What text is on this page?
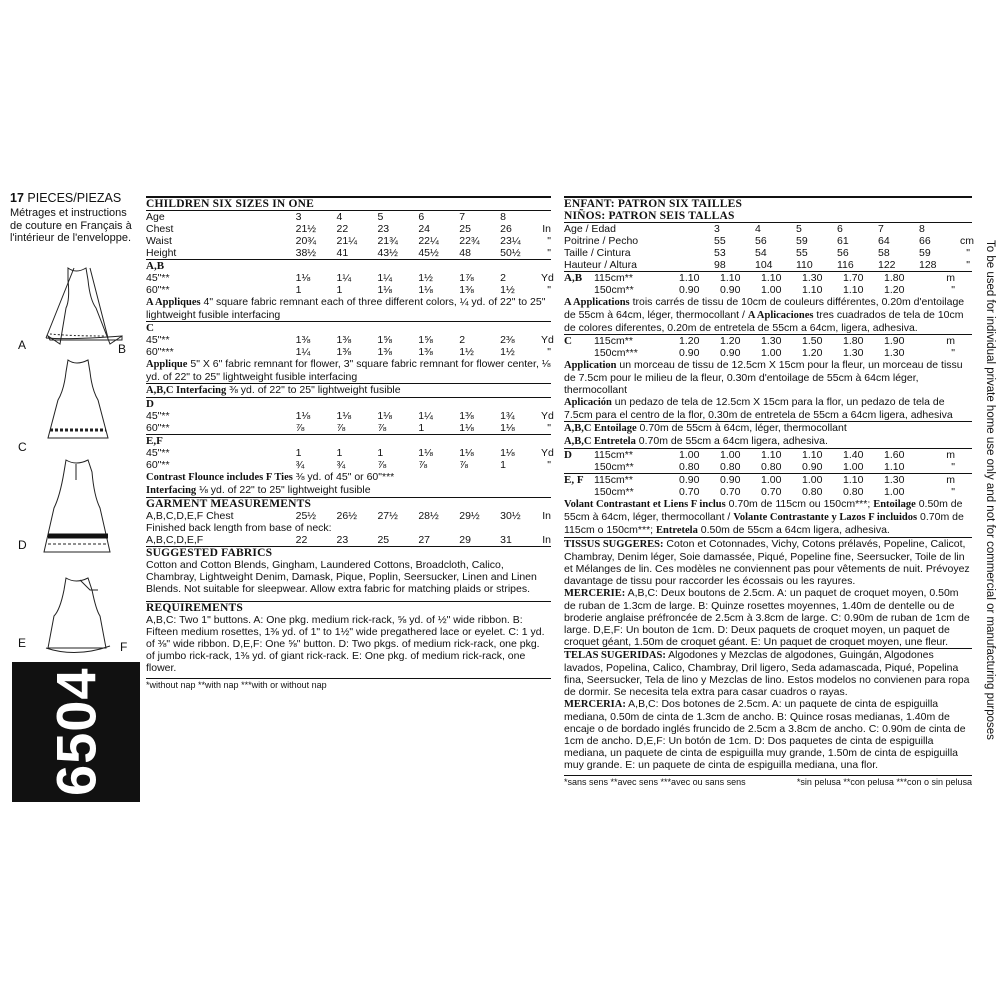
17 PIECES/PIEZAS
Métrages et instructions de couture en Français à l'intérieur de l'enveloppe.
A	B
C
D
E	F
6504
CHILDREN SIX SIZES IN ONE
Age	3	4	5	6	7	8
Chest	21½	22	23	24	25	26	In
Waist	20¾	21¼	21¾	22¼	22¾	23¼	"
Height	38½	41	43½	45½	48	50½	"
A,B
45"**	1⅛	1¼	1¼	1½	1⅞	2	Yd
60"**	1	1	1⅛	1⅛	1⅜	1½	"

A Appliques 4" square fabric remnant each of three different colors, ¼ yd. of 22" to 25" lightweight fusible interfacing

C
45"**	1⅜	1⅜	1⅝	1⅝	2	2⅜	Yd
60"***	1¼	1⅜	1⅜	1⅜	1½	1½	"

Applique 5" X 6" fabric remnant for flower, 3" square fabric remnant for flower center, ⅛ yd. of 22" to 25" lightweight fusible interfacing

A,B,C Interfacing ⅜ yd. of 22" to 25" lightweight fusible

D
45"**	1⅛	1⅛	1⅛	1¼	1⅜	1¾	Yd
60"**	⅞	⅞	⅞	1	1⅛	1⅛	"
E,F
45"**	1	1	1	1⅛	1⅛	1⅛	Yd
60"**	¾	¾	⅞	⅞	⅞	1	"

Contrast Flounce includes F Ties ⅜ yd. of 45" or 60"***

Interfacing ⅛ yd. of 22" to 25" lightweight fusible

GARMENT MEASUREMENTS
A,B,C,D,E,F Chest	25½	26½	27½	28½	29½	30½	In
Finished back length from base of neck:
A,B,C,D,E,F	22	23	25	27	29	31	In
SUGGESTED FABRICS

Cotton and Cotton Blends, Gingham, Laundered Cottons, Broadcloth, Calico, Chambray, Lightweight Denim, Damask, Pique, Poplin, Seersucker, Linen and Linen Blends. Not suitable for sleepwear. Allow extra fabric for matching plaids or stripes.

REQUIREMENTS

A,B,C: Two 1" buttons. A: One pkg. medium rick-rack, ⅝ yd. of ½" wide ribbon. B: Fifteen medium rosettes, 1⅜ yd. of 1" to 1½" wide pregathered lace or eyelet. C: 1 yd. of ⅜" wide ribbon. D,E,F: One ⅝" button. D: Two pkgs. of medium rick-rack, one pkg. of jumbo rick-rack, 1⅜ yd. of giant rick-rack. E: One pkg. of medium rick-rack, one flower.

*without nap **with nap ***with or without nap
ENFANT: PATRON SIX TAILLES
NIÑOS: PATRON SEIS TALLAS
Age / Edad	3	4	5	6	7	8
Poitrine / Pecho	55	56	59	61	64	66	cm
Taille / Cintura	53	54	55	56	58	59	"
Hauteur / Altura	98	104	110	116	122	128	"
A,B	115cm**	1.10	1.10	1.10	1.30	1.70	1.80	m
150cm**	0.90	0.90	1.00	1.10	1.10	1.20	"

A Applications trois carrés de tissu de 10cm de couleurs différentes, 0.20m d'entoilage de 55cm à 64cm, léger, thermocollant / A Aplicaciones tres cuadrados de tela de 10cm de colores diferentes, 0.20m de entretela de 55cm a 64cm, ligera, adhesiva.

C	115cm**	1.20	1.20	1.30	1.50	1.80	1.90	m
150cm***	0.90	0.90	1.00	1.20	1.30	1.30	"

Application un morceau de tissu de 12.5cm X 15cm pour la fleur, un morceau de tissu de 7.5cm pour le milieu de la fleur, 0.30m d'entoilage de 55cm à 64cm léger, thermocollant

Aplicación un pedazo de tela de 12.5cm X 15cm para la flor, un pedazo de tela de 7.5cm para el centro de la flor, 0.30m de entretela de 55cm a 64cm ligera, adhesiva

A,B,C Entoilage 0.70m de 55cm à 64cm, léger, thermocollant

A,B,C Entretela 0.70m de 55cm a 64cm ligera, adhesiva.

D	115cm**	1.00	1.00	1.10	1.10	1.40	1.60	m
150cm**	0.80	0.80	0.80	0.90	1.00	1.10	"
E, F 115cm**	0.90	0.90	1.00	1.00	1.10	1.30	m
150cm**	0.70	0.70	0.70	0.80	0.80	1.00	"

Volant Contrastant et Liens F inclus 0.70m de 115cm ou 150cm***; Entoilage 0.50m de 55cm à 64cm, léger, thermocollant / Volante Contrastante y Lazos F incluidos 0.70m de 115cm o 150cm***; Entretela 0.50m de 55cm a 64cm ligera, adhesiva.

TISSUS SUGGERES: Coton et Cotonnades, Vichy, Cotons prélavés, Popeline, Calicot, Chambray, Denim léger, Soie damassée, Piqué, Popeline fine, Seersucker, Toile de lin et Mélanges de lin. Ces modèles ne conviennent pas pour vêtements de nuit. Prévoyez davantage de tissu pour raccorder les écossais ou les rayures.

MERCERIE: A,B,C: Deux boutons de 2.5cm. A: un paquet de croquet moyen, 0.50m de ruban de 1.3cm de large. B: Quinze rosettes moyennes, 1.40m de dentelle ou de broderie anglaise préfroncée de 2.5cm à 3.8cm de large. C: 0.90m de ruban de 1cm de large. D,E,F: Un bouton de 1cm. D: Deux paquets de croquet moyen, un paquet de croquet géant, 1.50m de croquet géant. E: Un paquet de croquet moyen, une fleur.

TELAS SUGERIDAS: Algodones y Mezclas de algodones, Guingán, Algodones lavados, Popelina, Calico, Chambray, Dril ligero, Seda adamascada, Piqué, Popelina fina, Seersucker, Tela de lino y Mezclas de lino. Estos modelos no convienen para ropa de dormir. Se necesita tela extra para casar cuadros o rayas.

MERCERIA: A,B,C: Dos botones de 2.5cm. A: un paquete de cinta de espiguilla mediana, 0.50m de cinta de 1.3cm de ancho. B: Quince rosas medianas, 1.40m de encaje o de bordado inglés fruncido de 2.5cm a 3.8cm de ancho. C: 0.90m de cinta de 1cm de ancho. D,E,F: Un botón de 1cm. D: Dos paquetes de cinta de espiguilla mediana, un paquete de cinta de espiguilla muy grande, 1.50m de cinta de espiguilla muy grande. E: un paquete de cinta de espiguilla mediana, una flor.

*sans sens **avec sens ***avec ou sans sens	*sin pelusa **con pelusa ***con o sin pelusa
To be used for individual private home use only and not for commercial or manufacturing purposes
